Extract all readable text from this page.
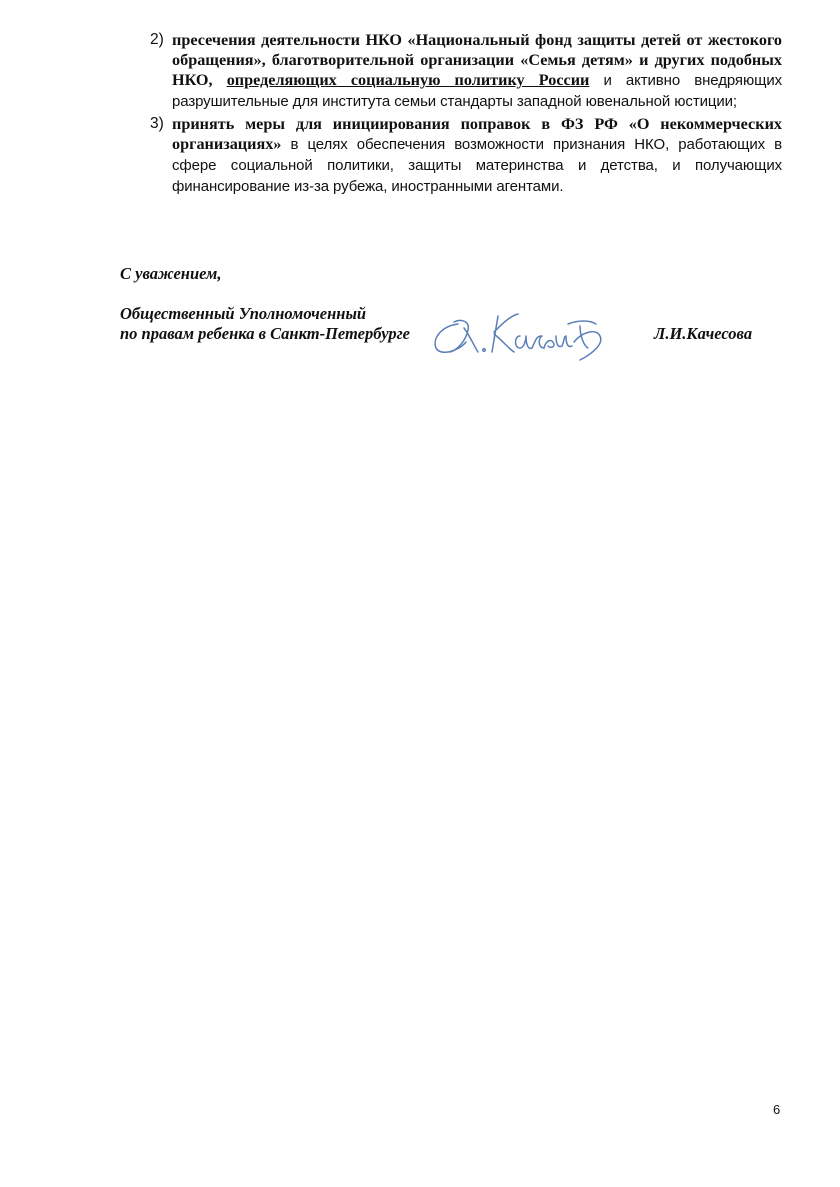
2) пресечения деятельности НКО «Национальный фонд защиты детей от жестокого обращения», благотворительной организации «Семья детям» и других подобных НКО, определяющих социальную политику России и активно внедряющих разрушительные для института семьи стандарты западной ювенальной юстиции;
3) принять меры для инициирования поправок в ФЗ РФ «О некоммерческих организациях» в целях обеспечения возможности признания НКО, работающих в сфере социальной политики, защиты материнства и детства, и получающих финансирование из-за рубежа, иностранными агентами.
С уважением,
Общественный Уполномоченный
по правам ребенка в Санкт-Петербурге	Л.И.Качесова
6
